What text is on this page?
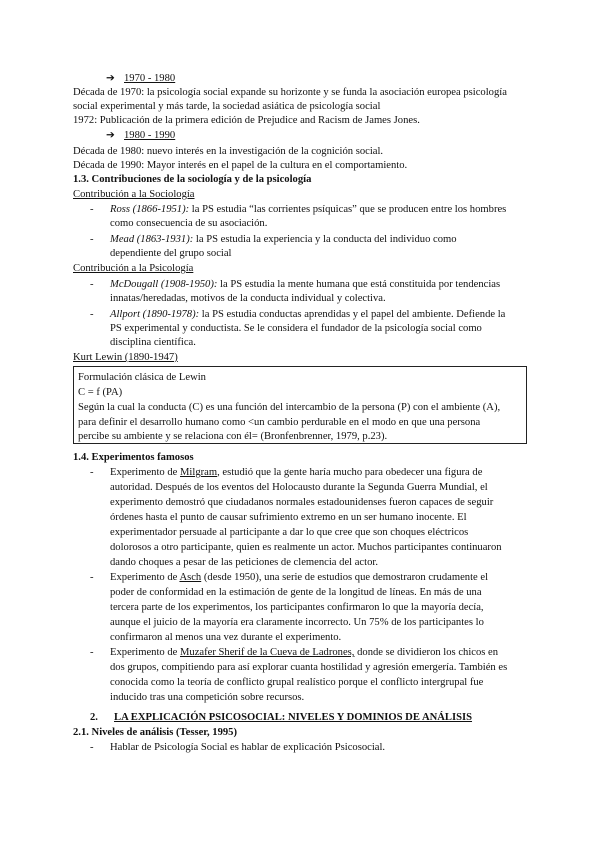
➔ 1970 - 1980
Década de 1970: la psicología social expande su horizonte y se funda la asociación europea psicología
social experimental y más tarde, la sociedad asiática de psicología social
1972: Publicación de la primera edición de Prejudice and Racism de James Jones.
➔ 1980 - 1990
Década de 1980: nuevo interés en la investigación de la cognición social.
Década de 1990: Mayor interés en el papel de la cultura en el comportamiento.
1.3. Contribuciones de la sociología y de la psicología
Contribución a la Sociología
- Ross (1866-1951): la PS estudia “las corrientes psíquicas” que se producen entre los hombres
como consecuencia de su asociación.
- Mead (1863-1931): la PS estudia la experiencia y la conducta del individuo como
dependiente del grupo social
Contribución a la Psicología
- McDougall (1908-1950): la PS estudia la mente humana que está constituida por tendencias
innatas/heredadas, motivos de la conducta individual y colectiva.
- Allport (1890-1978): la PS estudia conductas aprendidas y el papel del ambiente. Defiende la
PS experimental y conductista. Se le considera el fundador de la psicología social como
disciplina científica.
Kurt Lewin (1890-1947)
Formulación clásica de Lewin
C = f (PA)
Según la cual la conducta (C) es una función del intercambio de la persona (P) con el ambiente (A),
para definir el desarrollo humano como <un cambio perdurable en el modo en que una persona
percibe su ambiente y se relaciona con él= (Bronfenbrenner, 1979, p.23).
1.4. Experimentos famosos
- Experimento de Milgram, estudió que la gente haría mucho para obedecer una figura de
autoridad. Después de los eventos del Holocausto durante la Segunda Guerra Mundial, el
experimento demostró que ciudadanos normales estadounidenses fueron capaces de seguir
órdenes hasta el punto de causar sufrimiento extremo en un ser humano inocente. El
experimentador persuade al participante a dar lo que cree que son choques eléctricos
dolorosos a otro participante, quien es realmente un actor. Muchos participantes continuaron
dando choques a pesar de las peticiones de clemencia del actor.
- Experimento de Asch (desde 1950), una serie de estudios que demostraron crudamente el
poder de conformidad en la estimación de gente de la longitud de líneas. En más de una
tercera parte de los experimentos, los participantes confirmaron lo que la mayoría decía,
aunque el juicio de la mayoría era claramente incorrecto. Un 75% de los participantes lo
confirmaron al menos una vez durante el experimento.
- Experimento de Muzafer Sherif de la Cueva de Ladrones, donde se dividieron los chicos en
dos grupos, compitiendo para así explorar cuanta hostilidad y agresión emergería. También es
conocida como la teoría de conflicto grupal realístico porque el conflicto intergrupal fue
inducido tras una competición sobre recursos.
2. LA EXPLICACIÓN PSICOSOCIAL: NIVELES Y DOMINIOS DE ANÁLISIS
2.1. Niveles de análisis (Tesser, 1995)
- Hablar de Psicología Social es hablar de explicación Psicosocial.
